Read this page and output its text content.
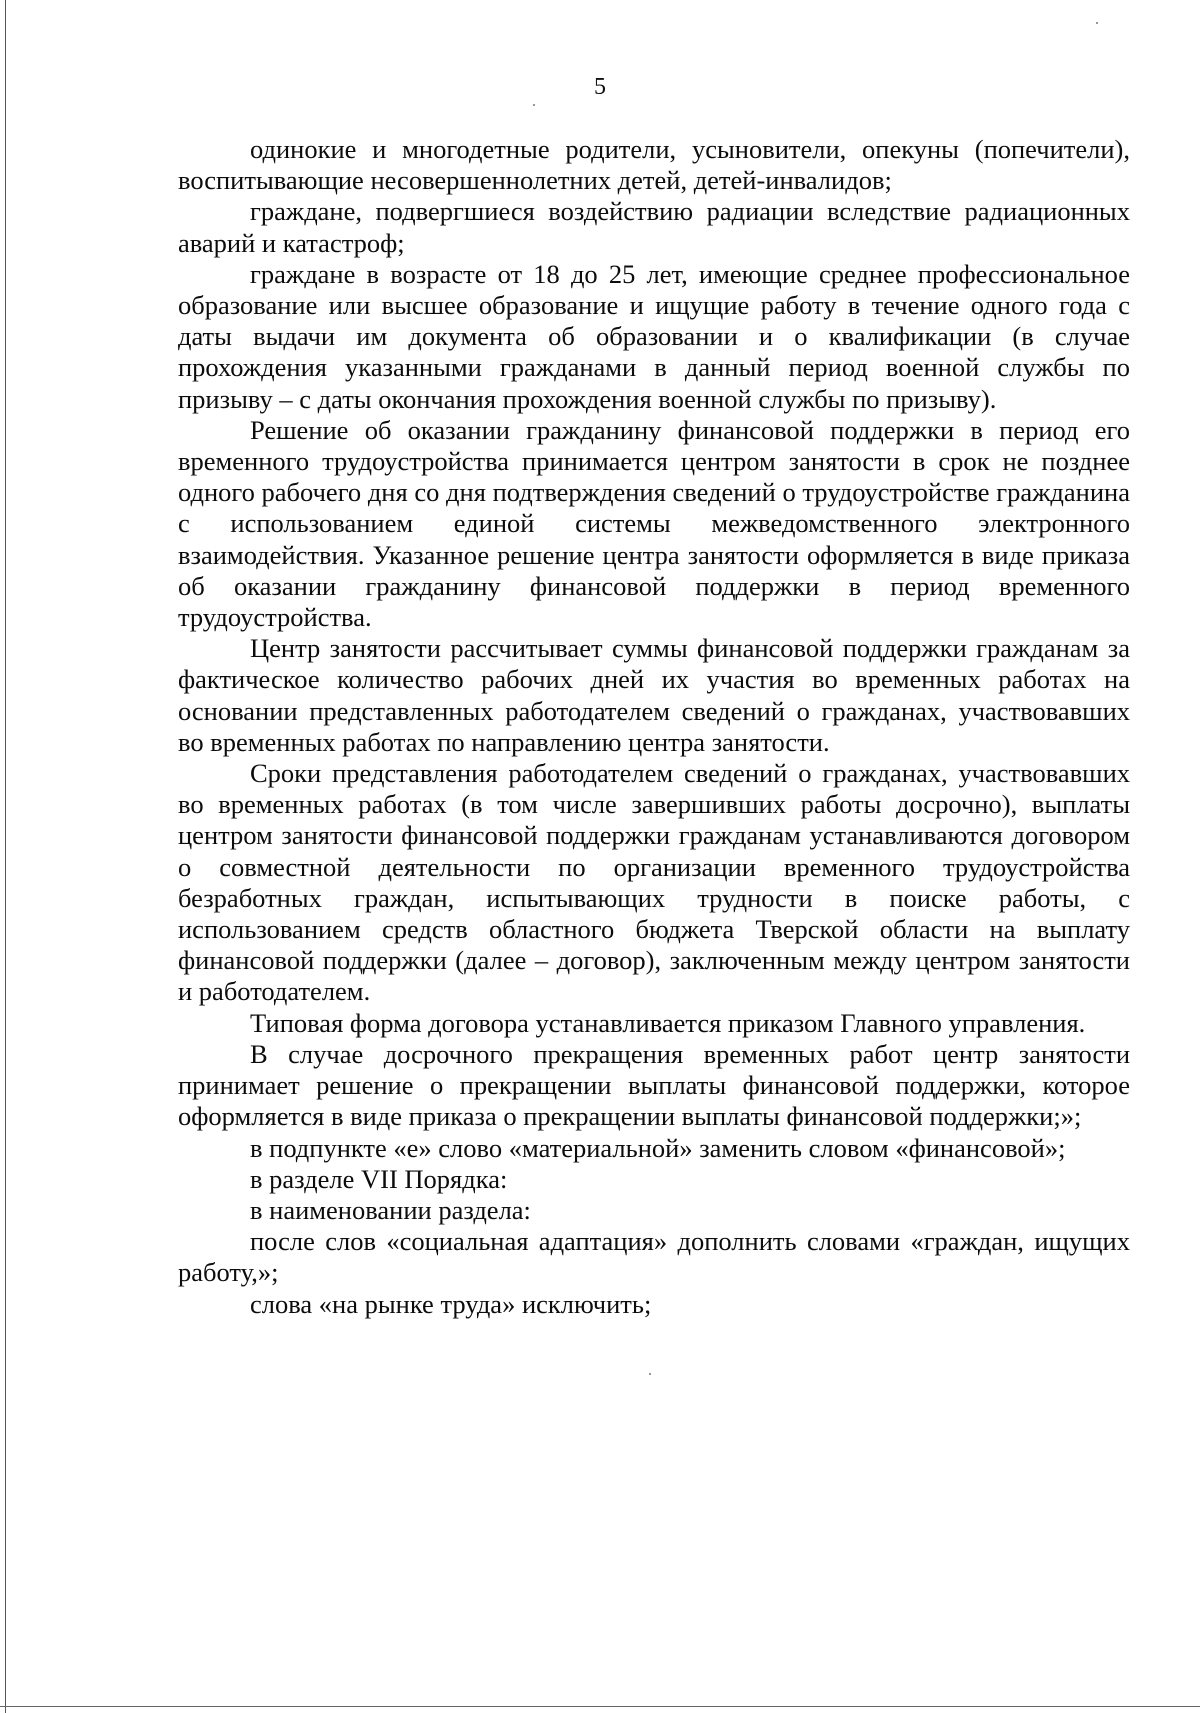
5

одинокие и многодетные родители, усыновители, опекуны (попечители), воспитывающие несовершеннолетних детей, детей-инвалидов;

граждане, подвергшиеся воздействию радиации вследствие радиационных аварий и катастроф;

граждане в возрасте от 18 до 25 лет, имеющие среднее профессиональное образование или высшее образование и ищущие работу в течение одного года с даты выдачи им документа об образовании и о квалификации (в случае прохождения указанными гражданами в данный период военной службы по призыву – с даты окончания прохождения военной службы по призыву).

Решение об оказании гражданину финансовой поддержки в период его временного трудоустройства принимается центром занятости в срок не позднее одного рабочего дня со дня подтверждения сведений о трудоустройстве гражданина с использованием единой системы межведомственного электронного взаимодействия. Указанное решение центра занятости оформляется в виде приказа об оказании гражданину финансовой поддержки в период временного трудоустройства.

Центр занятости рассчитывает суммы финансовой поддержки гражданам за фактическое количество рабочих дней их участия во временных работах на основании представленных работодателем сведений о гражданах, участвовавших во временных работах по направлению центра занятости.

Сроки представления работодателем сведений о гражданах, участвовавших во временных работах (в том числе завершивших работы досрочно), выплаты центром занятости финансовой поддержки гражданам устанавливаются договором о совместной деятельности по организации временного трудоустройства безработных граждан, испытывающих трудности в поиске работы, с использованием средств областного бюджета Тверской области на выплату финансовой поддержки (далее – договор), заключенным между центром занятости и работодателем.

Типовая форма договора устанавливается приказом Главного управления.

В случае досрочного прекращения временных работ центр занятости принимает решение о прекращении выплаты финансовой поддержки, которое оформляется в виде приказа о прекращении выплаты финансовой поддержки;»;

в подпункте «е» слово «материальной» заменить словом «финансовой»;

в разделе VII Порядка:

в наименовании раздела:

после слов «социальная адаптация» дополнить словами «граждан, ищущих работу,»;

слова «на рынке труда» исключить;
